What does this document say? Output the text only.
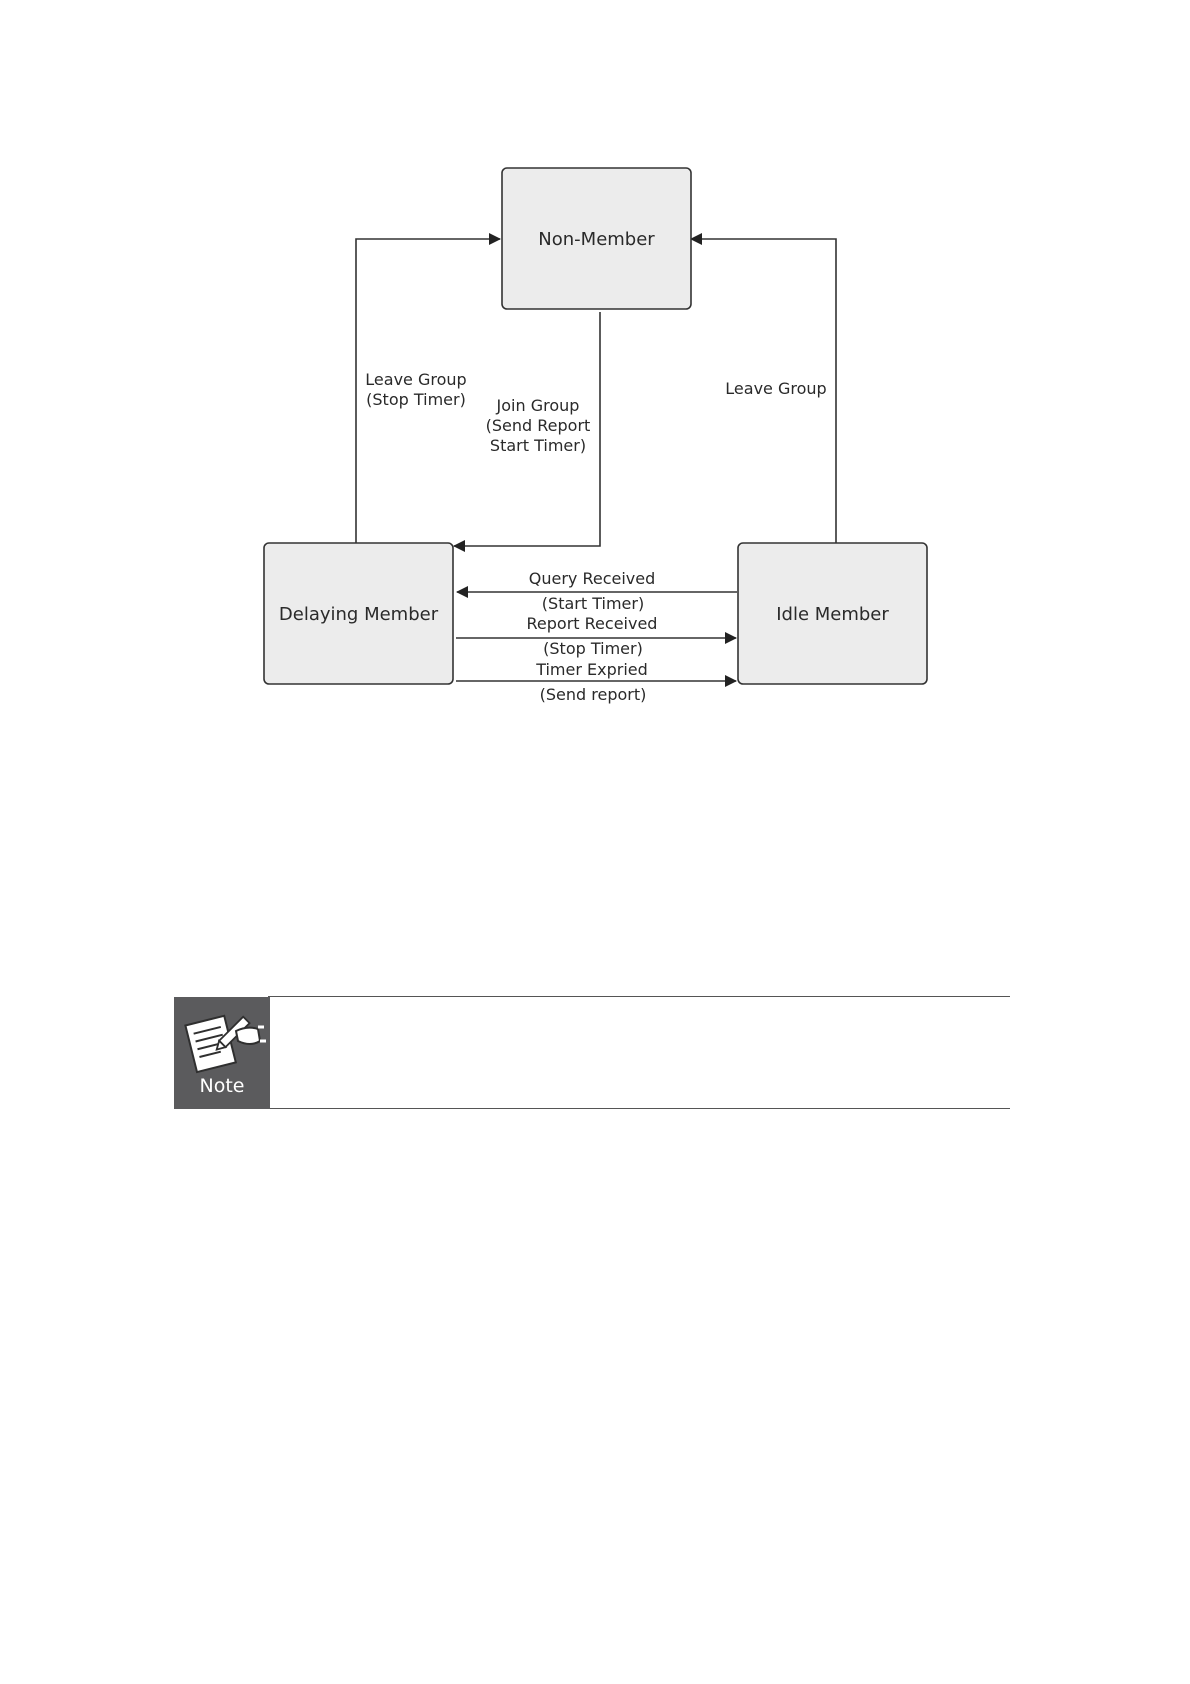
Non-Member
Delaying Member	Idle Member
Leave Group
(Stop Timer) Join Group
(Send Report
Start Timer)
Leave Group
Query Received
(Start Timer)
Report Received
(Stop Timer)
Timer Expried
(Send report)
Note
